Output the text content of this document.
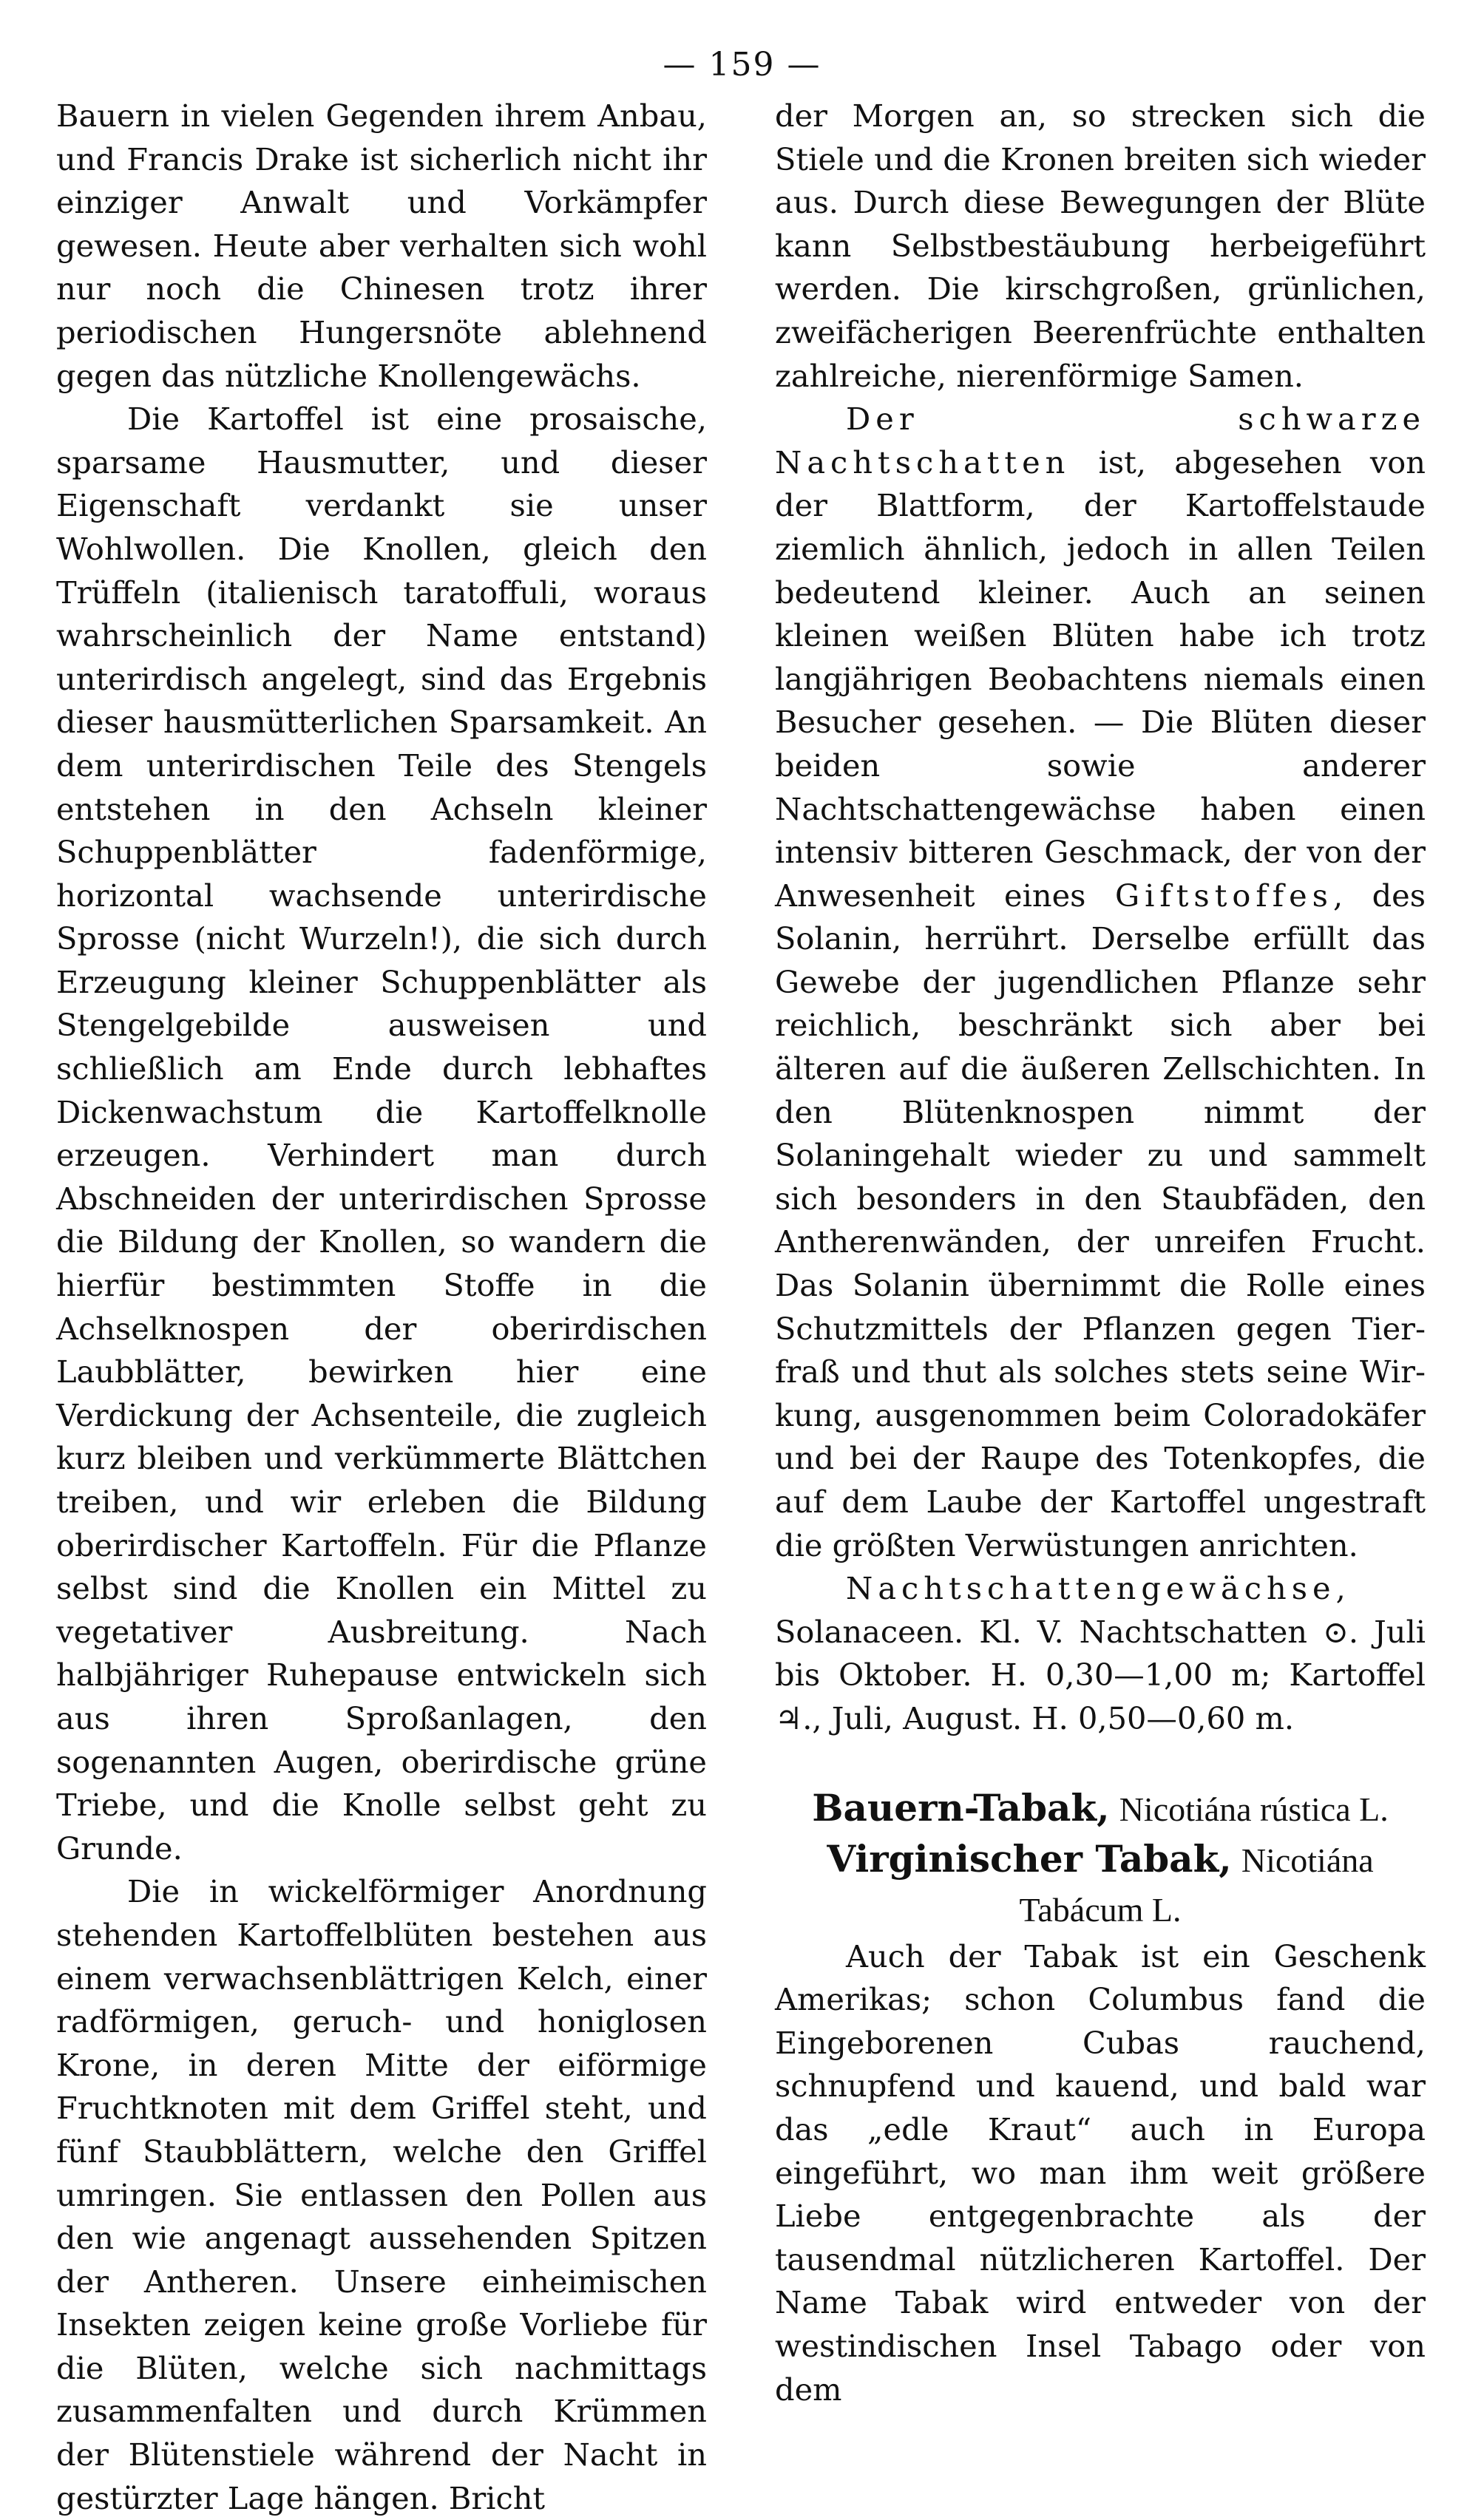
— 159 —

Bauern in vielen Gegenden ihrem Anbau, und Francis Drake ist sicherlich nicht ihr einziger Anwalt und Vorkämpfer gewesen. Heute aber verhalten sich wohl nur noch die Chinesen trotz ihrer periodischen Hungersnöte ablehnend gegen das nützliche Knollengewächs.

Die Kartoffel ist eine prosaische, sparsame Hausmutter, und dieser Eigenschaft verdankt sie unser Wohlwollen. Die Knollen, gleich den Trüffeln (italienisch taratoffuli, woraus wahrscheinlich der Name entstand) unterirdisch angelegt, sind das Ergebnis dieser hausmütterlichen Sparsamkeit. An dem unterirdischen Teile des Stengels entstehen in den Achseln kleiner Schuppenblätter fadenförmige, horizontal wachsende unterirdische Sprosse (nicht Wurzeln!), die sich durch Erzeugung kleiner Schuppenblätter als Stengelgebilde ausweisen und schließlich am Ende durch lebhaftes Dickenwachstum die Kartoffelknolle erzeugen. Verhindert man durch Abschneiden der unterirdischen Sprosse die Bildung der Knollen, so wandern die hierfür bestimmten Stoffe in die Achselknospen der oberirdischen Laubblätter, bewirken hier eine Verdickung der Achsenteile, die zugleich kurz bleiben und verkümmerte Blättchen treiben, und wir erleben die Bildung oberirdischer Kartoffeln. Für die Pflanze selbst sind die Knollen ein Mittel zu vegetativer Ausbreitung. Nach halbjähriger Ruhepause entwickeln sich aus ihren Sproßanlagen, den sogenannten Augen, oberirdische grüne Triebe, und die Knolle selbst geht zu Grunde.

Die in wickelförmiger Anordnung stehenden Kartoffelblüten bestehen aus einem verwachsenblättrigen Kelch, einer radförmigen, geruch- und honiglosen Krone, in deren Mitte der eiförmige Fruchtknoten mit dem Griffel steht, und fünf Staubblättern, welche den Griffel umringen. Sie entlassen den Pollen aus den wie angenagt aussehenden Spitzen der Antheren. Unsere einheimischen Insekten zeigen keine große Vorliebe für die Blüten, welche sich nachmittags zusammenfalten und durch Krümmen der Blütenstiele während der Nacht in gestürzter Lage hängen. Bricht

der Morgen an, so strecken sich die Stiele und die Kronen breiten sich wieder aus. Durch diese Bewegungen der Blüte kann Selbstbestäubung herbeigeführt werden. Die kirschgroßen, grünlichen, zweifächerigen Beerenfrüchte enthalten zahlreiche, nierenförmige Samen.

Der schwarze Nachtschatten ist, abgesehen von der Blattform, der Kartoffelstaude ziemlich ähnlich, jedoch in allen Teilen bedeutend kleiner. Auch an seinen kleinen weißen Blüten habe ich trotz langjährigen Beobachtens niemals einen Besucher gesehen. — Die Blüten dieser beiden sowie anderer Nachtschattengewächse haben einen intensiv bitteren Geschmack, der von der Anwesenheit eines Giftstoffes, des Solanin, herrührt. Derselbe erfüllt das Gewebe der jugendlichen Pflanze sehr reichlich, beschränkt sich aber bei älteren auf die äußeren Zellschichten. In den Blütenknospen nimmt der Solaningehalt wieder zu und sammelt sich besonders in den Staubfäden, den Antherenwänden, der unreifen Frucht. Das Solanin übernimmt die Rolle eines Schutzmittels der Pflanzen gegen Tierfraß und thut als solches stets seine Wirkung, ausgenommen beim Coloradokäfer und bei der Raupe des Totenkopfes, die auf dem Laube der Kartoffel ungestraft die größten Verwüstungen anrichten.

Nachtschattengewächse, Solanaceen. Kl. V. Nachtschatten ⊙. Juli bis Oktober. H. 0,30—1,00 m; Kartoffel ♃., Juli, August. H. 0,50—0,60 m.

Bauern-Tabak, Nicotiána rústica L.
Virginischer Tabak, Nicotiána
Tabácum L.

Auch der Tabak ist ein Geschenk Amerikas; schon Columbus fand die Eingeborenen Cubas rauchend, schnupfend und kauend, und bald war das „edle Kraut“ auch in Europa eingeführt, wo man ihm weit größere Liebe entgegenbrachte als der tausendmal nützlicheren Kartoffel. Der Name Tabak wird entweder von der westindischen Insel Tabago oder von dem
